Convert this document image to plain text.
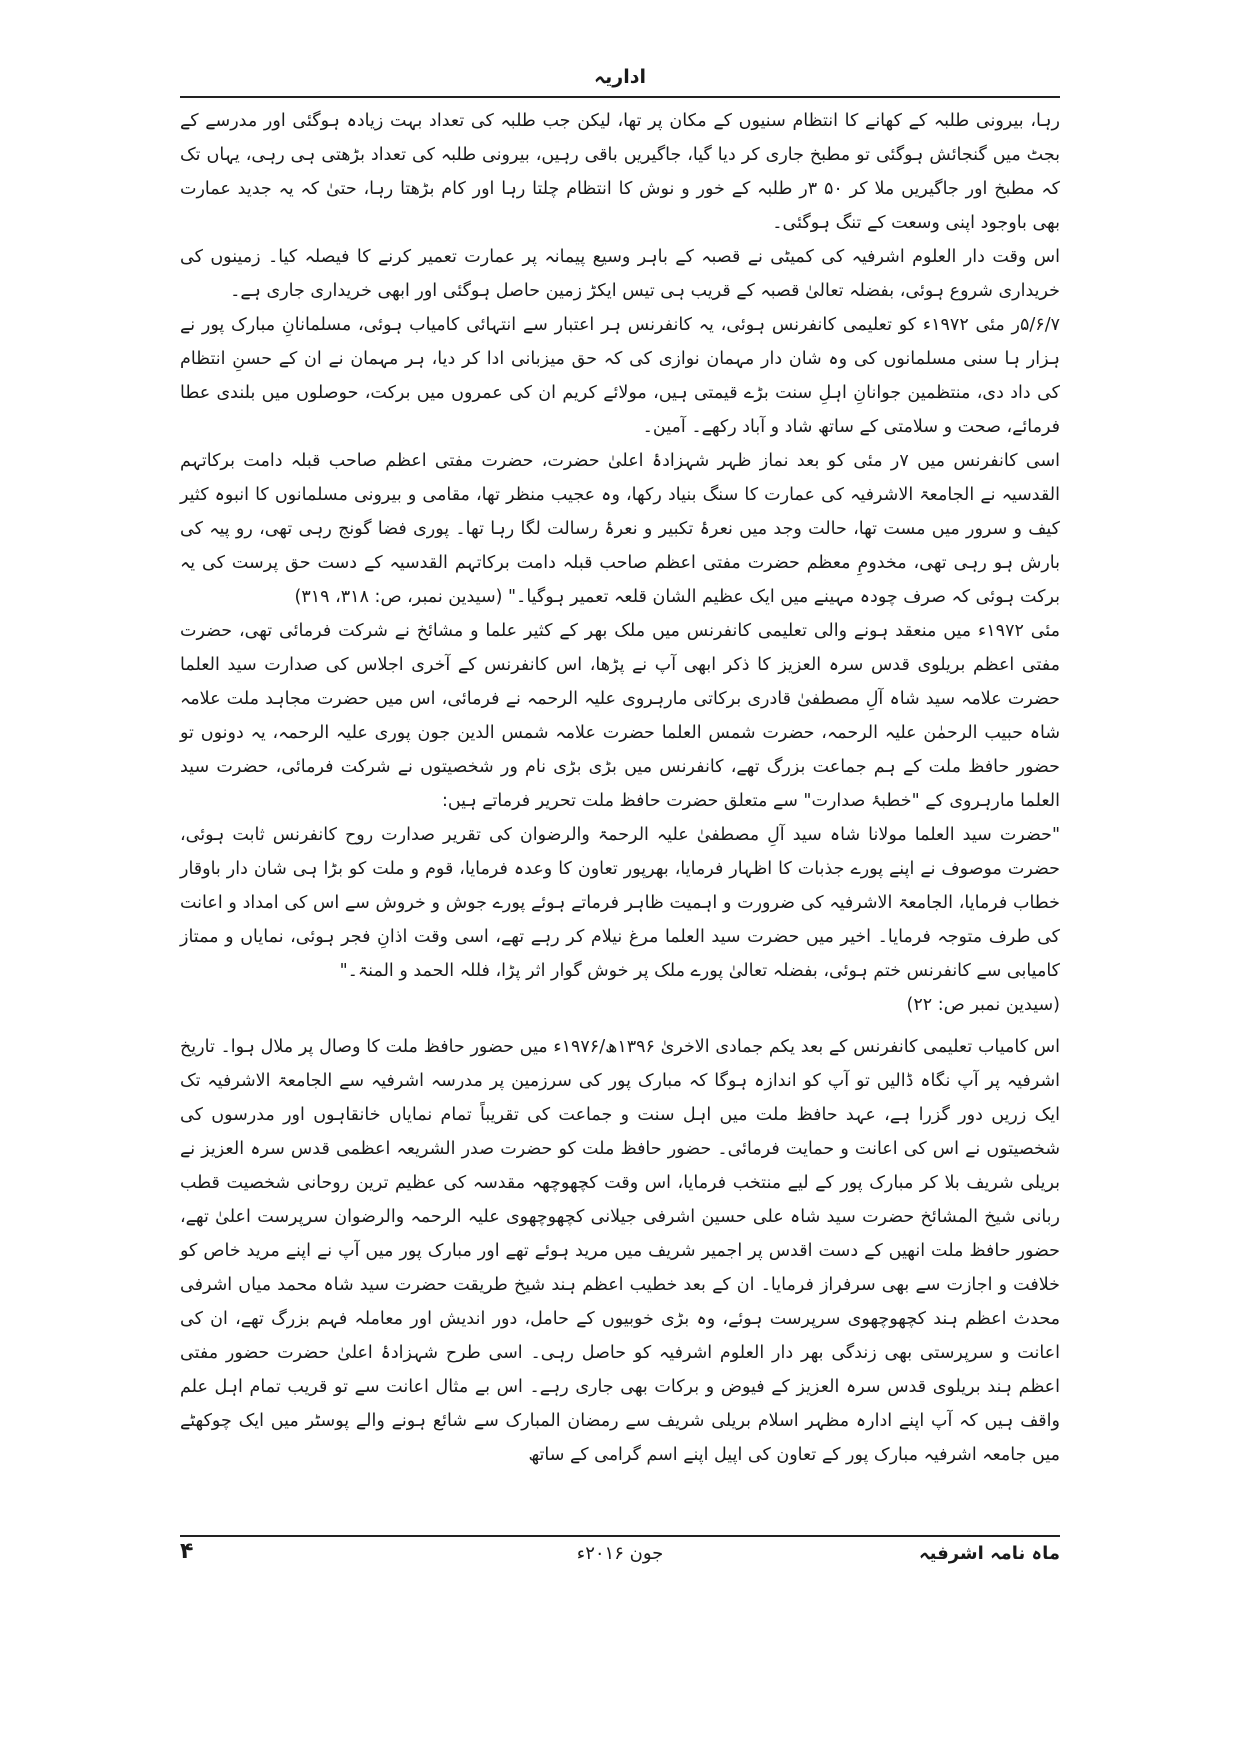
اداریہ

رہا، بیرونی طلبہ کے کھانے کا انتظام سنیوں کے مکان پر تھا، لیکن جب طلبہ کی تعداد بہت زیادہ ہوگئی اور مدرسے کے بجٹ میں گنجائش ہوگئی تو مطبخ جاری کر دیا گیا، جاگیریں باقی رہیں، بیرونی طلبہ کی تعداد بڑھتی ہی رہی، یہاں تک کہ مطبخ اور جاگیریں ملا کر ۵۰ ۳ر طلبہ کے خور و نوش کا انتظام چلتا رہا اور کام بڑھتا رہا، حتیٰ کہ یہ جدید عمارت بھی باوجود اپنی وسعت کے تنگ ہوگئی۔

اس وقت دار العلوم اشرفیہ کی کمیٹی نے قصبہ کے باہر وسیع پیمانہ پر عمارت تعمیر کرنے کا فیصلہ کیا۔ زمینوں کی خریداری شروع ہوئی، بفضلہ تعالیٰ قصبہ کے قریب ہی تیس ایکڑ زمین حاصل ہوگئی اور ابھی خریداری جاری ہے۔

۵/۶/۷ر مئی ۱۹۷۲ء کو تعلیمی کانفرنس ہوئی، یہ کانفرنس ہر اعتبار سے انتہائی کامیاب ہوئی، مسلمانانِ مبارک پور نے ہزار ہا سنی مسلمانوں کی وہ شان دار مہمان نوازی کی کہ حق میزبانی ادا کر دیا، ہر مہمان نے ان کے حسنِ انتظام کی داد دی، منتظمین جوانانِ اہلِ سنت بڑے قیمتی ہیں، مولائے کریم ان کی عمروں میں برکت، حوصلوں میں بلندی عطا فرمائے، صحت و سلامتی کے ساتھ شاد و آباد رکھے۔ آمین۔

اسی کانفرنس میں ۷ر مئی کو بعد نماز ظہر شہزادۂ اعلیٰ حضرت، حضرت مفتی اعظم صاحب قبلہ دامت برکاتہم القدسیہ نے الجامعۃ الاشرفیہ کی عمارت کا سنگ بنیاد رکھا، وہ عجیب منظر تھا، مقامی و بیرونی مسلمانوں کا انبوہ کثیر کیف و سرور میں مست تھا، حالت وجد میں نعرۂ تکبیر و نعرۂ رسالت لگا رہا تھا۔ پوری فضا گونج رہی تھی، رو پیہ کی بارش ہو رہی تھی، مخدومِ معظم حضرت مفتی اعظم صاحب قبلہ دامت برکاتہم القدسیہ کے دست حق پرست کی یہ برکت ہوئی کہ صرف چودہ مہینے میں ایک عظیم الشان قلعہ تعمیر ہوگیا۔" (سیدین نمبر، ص: ۳۱۸، ۳۱۹)

مئی ۱۹۷۲ء میں منعقد ہونے والی تعلیمی کانفرنس میں ملک بھر کے کثیر علما و مشائخ نے شرکت فرمائی تھی، حضرت مفتی اعظم بریلوی قدس سرہ العزیز کا ذکر ابھی آپ نے پڑھا، اس کانفرنس کے آخری اجلاس کی صدارت سید العلما حضرت علامہ سید شاہ آلِ مصطفیٰ قادری برکاتی مارہروی علیہ الرحمہ نے فرمائی، اس میں حضرت مجاہد ملت علامہ شاہ حبیب الرحمٰن علیہ الرحمہ، حضرت شمس العلما حضرت علامہ شمس الدین جون پوری علیہ الرحمہ، یہ دونوں تو حضور حافظ ملت کے ہم جماعت بزرگ تھے، کانفرنس میں بڑی بڑی نام ور شخصیتوں نے شرکت فرمائی، حضرت سید العلما مارہروی کے "خطبۂ صدارت" سے متعلق حضرت حافظ ملت تحریر فرماتے ہیں:

"حضرت سید العلما مولانا شاہ سید آلِ مصطفیٰ علیہ الرحمۃ والرضوان کی تقریر صدارت روح کانفرنس ثابت ہوئی، حضرت موصوف نے اپنے پورے جذبات کا اظہار فرمایا، بھرپور تعاون کا وعدہ فرمایا، قوم و ملت کو بڑا ہی شان دار باوقار خطاب فرمایا، الجامعۃ الاشرفیہ کی ضرورت و اہمیت ظاہر فرماتے ہوئے پورے جوش و خروش سے اس کی امداد و اعانت کی طرف متوجہ فرمایا۔ اخیر میں حضرت سید العلما مرغ نیلام کر رہے تھے، اسی وقت اذانِ فجر ہوئی، نمایاں و ممتاز کامیابی سے کانفرنس ختم ہوئی، بفضلہ تعالیٰ پورے ملک پر خوش گوار اثر پڑا، فللہ الحمد و المنۃ۔"

(سیدین نمبر ص: ۲۲)

اس کامیاب تعلیمی کانفرنس کے بعد یکم جمادی الاخریٰ ۱۳۹۶ھ/۱۹۷۶ء میں حضور حافظ ملت کا وصال پر ملال ہوا۔ تاریخ اشرفیہ پر آپ نگاہ ڈالیں تو آپ کو اندازہ ہوگا کہ مبارک پور کی سرزمین پر مدرسہ اشرفیہ سے الجامعۃ الاشرفیہ تک ایک زریں دور گزرا ہے، عہد حافظ ملت میں اہل سنت و جماعت کی تقریباً تمام نمایاں خانقاہوں اور مدرسوں کی شخصیتوں نے اس کی اعانت و حمایت فرمائی۔ حضور حافظ ملت کو حضرت صدر الشریعہ اعظمی قدس سرہ العزیز نے بریلی شریف بلا کر مبارک پور کے لیے منتخب فرمایا، اس وقت کچھوچھہ مقدسہ کی عظیم ترین روحانی شخصیت قطب ربانی شیخ المشائخ حضرت سید شاہ علی حسین اشرفی جیلانی کچھوچھوی علیہ الرحمہ والرضوان سرپرست اعلیٰ تھے، حضور حافظ ملت انھیں کے دست اقدس پر اجمیر شریف میں مرید ہوئے تھے اور مبارک پور میں آپ نے اپنے مرید خاص کو خلافت و اجازت سے بھی سرفراز فرمایا۔ ان کے بعد خطیب اعظم ہند شیخ طریقت حضرت سید شاہ محمد میاں اشرفی محدث اعظم ہند کچھوچھوی سرپرست ہوئے، وہ بڑی خوبیوں کے حامل، دور اندیش اور معاملہ فہم بزرگ تھے، ان کی اعانت و سرپرستی بھی زندگی بھر دار العلوم اشرفیہ کو حاصل رہی۔ اسی طرح شہزادۂ اعلیٰ حضرت حضور مفتی اعظم ہند بریلوی قدس سرہ العزیز کے فیوض و برکات بھی جاری رہے۔ اس بے مثال اعانت سے تو قریب تمام اہل علم واقف ہیں کہ آپ اپنے ادارہ مظہر اسلام بریلی شریف سے رمضان المبارک سے شائع ہونے والے پوسٹر میں ایک چوکھٹے میں جامعہ اشرفیہ مبارک پور کے تعاون کی اپیل اپنے اسم گرامی کے ساتھ

ماہ نامہ اشرفیہ
جون ۲۰۱۶ء
۴
